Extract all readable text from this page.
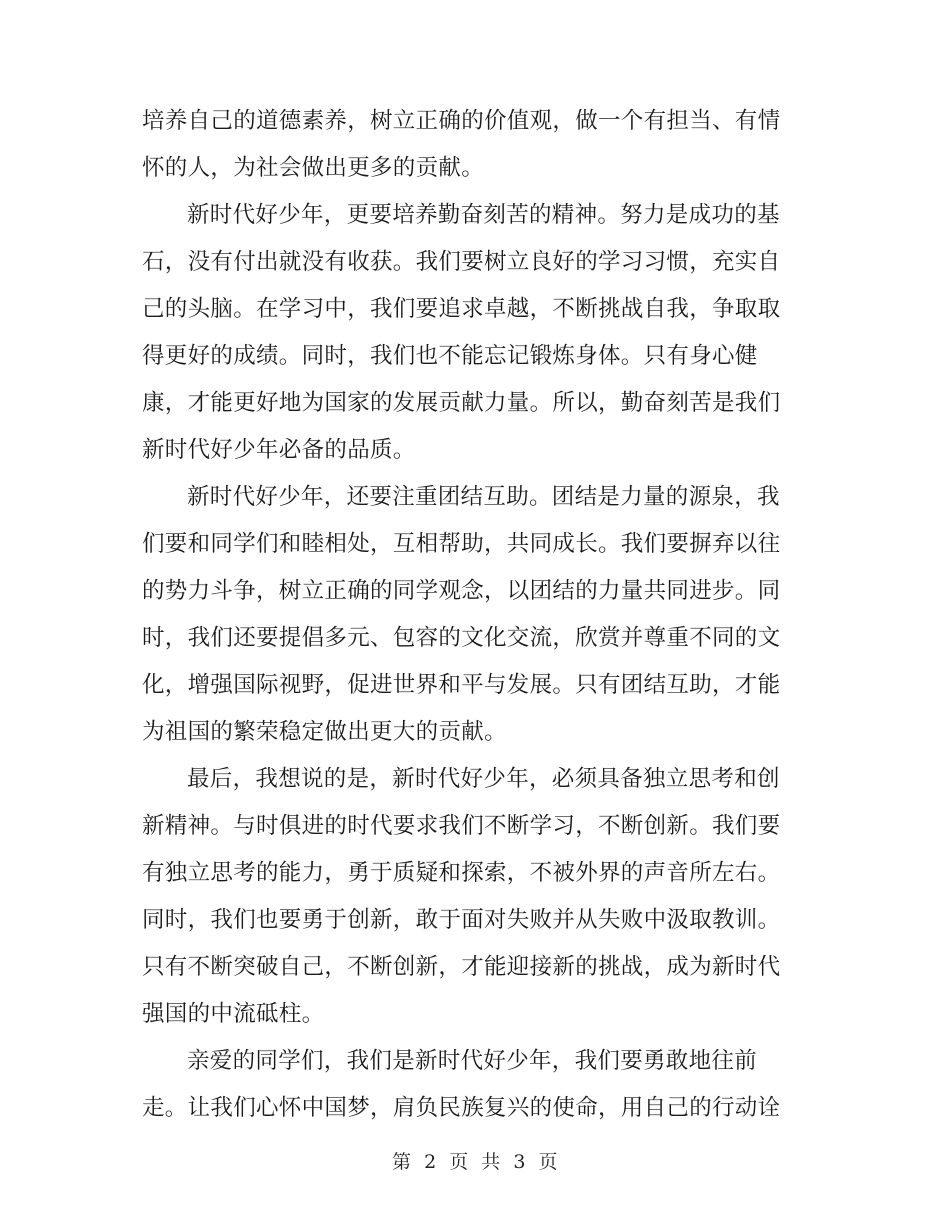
培养自己的道德素养，树立正确的价值观，做一个有担当、有情
怀的人，为社会做出更多的贡献。

新时代好少年，更要培养勤奋刻苦的精神。努力是成功的基
石，没有付出就没有收获。我们要树立良好的学习习惯，充实自
己的头脑。在学习中，我们要追求卓越，不断挑战自我，争取取
得更好的成绩。同时，我们也不能忘记锻炼身体。只有身心健
康，才能更好地为国家的发展贡献力量。所以，勤奋刻苦是我们
新时代好少年必备的品质。

新时代好少年，还要注重团结互助。团结是力量的源泉，我
们要和同学们和睦相处，互相帮助，共同成长。我们要摒弃以往
的势力斗争，树立正确的同学观念，以团结的力量共同进步。同
时，我们还要提倡多元、包容的文化交流，欣赏并尊重不同的文
化，增强国际视野，促进世界和平与发展。只有团结互助，才能
为祖国的繁荣稳定做出更大的贡献。

最后，我想说的是，新时代好少年，必须具备独立思考和创
新精神。与时俱进的时代要求我们不断学习，不断创新。我们要
有独立思考的能力，勇于质疑和探索，不被外界的声音所左右。
同时，我们也要勇于创新，敢于面对失败并从失败中汲取教训。
只有不断突破自己，不断创新，才能迎接新的挑战，成为新时代
强国的中流砥柱。

亲爱的同学们，我们是新时代好少年，我们要勇敢地往前
走。让我们心怀中国梦，肩负民族复兴的使命，用自己的行动诠

第 2 页 共 3 页
